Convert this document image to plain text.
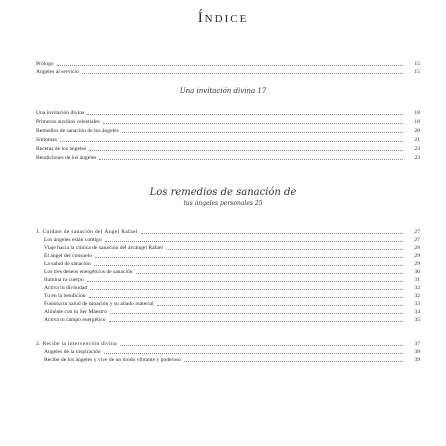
Índice
Prólogo	15
Ángeles al servicio	15
Una invitación divina 17
Una invitación divina	18
Primeros auxilios celestiales	18
Remedios de sanación de los ángeles	20
Síntomas	21
Recetas de los ángeles	23
Bendiciones de los ángeles	23
Los remedios de sanación de
tus ángeles personales 25
1. Cuídate de sanación del Ángel Rafael	27
Los ángeles están contigo	27
Viaje hacia la clínica de sanación del arcángel Rafael	28
El ángel del consuelo	29
La salud de sanación	29
Los tres deseos energéticos de sanación	30
Ilumina tu cuerpo	31
Activa tu divinidad	32
Tu en la bendición	32
Fusiona tu salud de sanación y su aliado material	33
Alinéate con tu Ser Maestro	34
Activa tu campo energético	35
2. Recibe la intervención divina	37
Ángeles de la inspiración	38
Recibe de los ángeles y vive de un modo vibrante y poderoso	39
